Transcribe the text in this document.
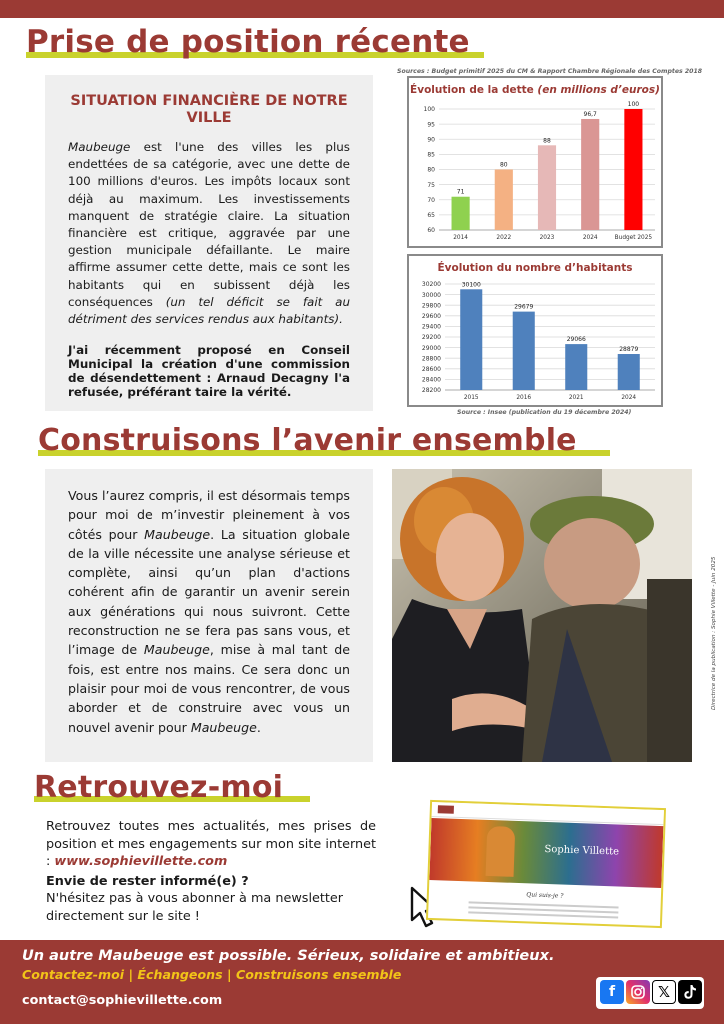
Prise de position récente
SITUATION FINANCIÈRE DE NOTRE VILLE
Maubeuge est l'une des villes les plus endettées de sa catégorie, avec une dette de 100 millions d'euros. Les impôts locaux sont déjà au maximum. Les investissements manquent de stratégie claire. La situation financière est critique, aggravée par une gestion municipale défaillante. Le maire affirme assumer cette dette, mais ce sont les habitants qui en subissent déjà les conséquences (un tel déficit se fait au détriment des services rendus aux habitants).
J'ai récemment proposé en Conseil Municipal la création d'une commission de désendettement : Arnaud Decagny l'a refusée, préférant taire la vérité.
Sources : Budget primitif 2025 du CM & Rapport Chambre Régionale des Comptes 2018
Évolution de la dette (en millions d’euros)
60
65
70
75
80
85
90
95
100
71
2014
80
2022
88
2023
96,7
2024
100
Budget 2025
Évolution du nombre d’habitants
28200
28400
28600
28800
29000
29200
29400
29600
29800
30000
30200	30100
2015
29679
2016
29066
2021
28879
2024
Source : Insee (publication du 19 décembre 2024)
Construisons l’avenir ensemble
Vous l’aurez compris, il est désormais temps pour moi de m’investir pleinement à vos côtés pour Maubeuge. La situation globale de la ville nécessite une analyse sérieuse et complète, ainsi qu’un plan d'actions cohérent afin de garantir un avenir serein aux générations qui nous suivront. Cette reconstruction ne se fera pas sans vous, et l’image de Maubeuge, mise à mal tant de fois, est entre nos mains. Ce sera donc un plaisir pour moi de vous rencontrer, de vous aborder et de construire avec vous un nouvel avenir pour Maubeuge.
Directrice de la publication : Sophie Villette - Juin 2025
Retrouvez-moi
Retrouvez toutes mes actualités, mes prises de position et mes engagements sur mon site internet : www.sophievillette.com
Envie de rester informé(e) ?
N'hésitez pas à vous abonner à ma newsletter directement sur le site !
Sophie Villette
Qui suis-je ?
Un autre Maubeuge est possible. Sérieux, solidaire et ambitieux.
Contactez-moi | Échangeons | Construisons ensemble
contact@sophievillette.com
f	𝕏
